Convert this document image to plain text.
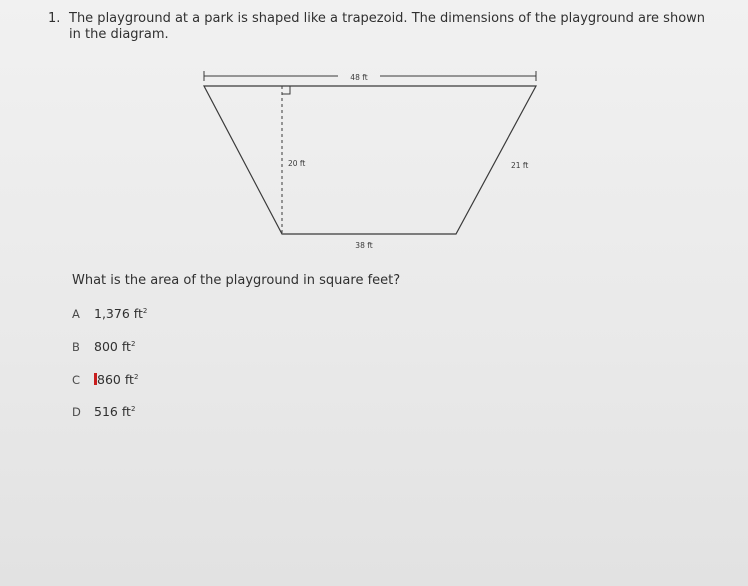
1. The playground at a park is shaped like a trapezoid. The dimensions of the playground are shown in the diagram.
48 ft
20 ft	21 ft
38 ft
What is the area of the playground in square feet?
A 1,376 $ft^2$
B 800 $ft^2$
C 860 $ft^2$
D 516 $ft^2$
